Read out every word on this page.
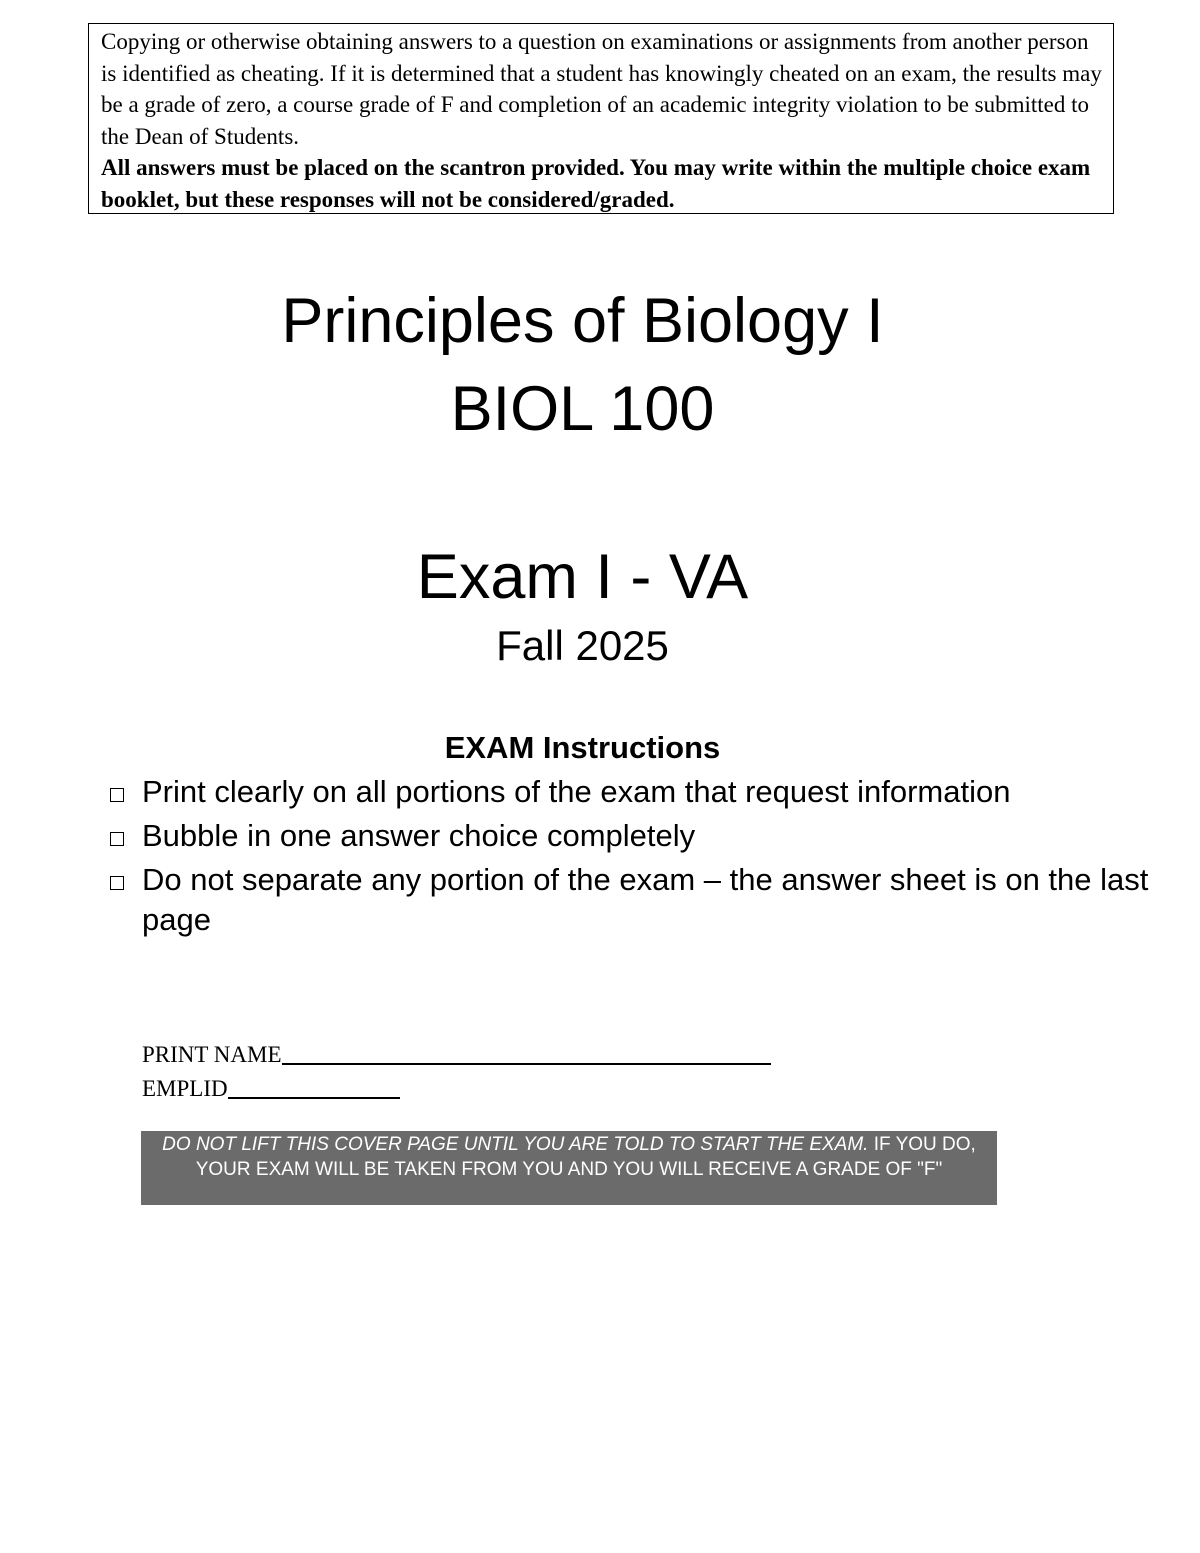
Copying or otherwise obtaining answers to a question on examinations or assignments from another person is identified as cheating. If it is determined that a student has knowingly cheated on an exam, the results may be a grade of zero, a course grade of F and completion of an academic integrity violation to be submitted to the Dean of Students.

All answers must be placed on the scantron provided. You may write within the multiple choice exam booklet, but these responses will not be considered/graded.

Principles of Biology I
BIOL 100
Exam I - VA
Fall 2025
EXAM Instructions
Print clearly on all portions of the exam that request information
Bubble in one answer choice completely
Do not separate any portion of the exam – the answer sheet is on the last page
PRINT NAME
EMPLID
DO NOT LIFT THIS COVER PAGE UNTIL YOU ARE TOLD TO START THE EXAM. IF YOU DO, YOUR EXAM WILL BE TAKEN FROM YOU AND YOU WILL RECEIVE A GRADE OF "F"
